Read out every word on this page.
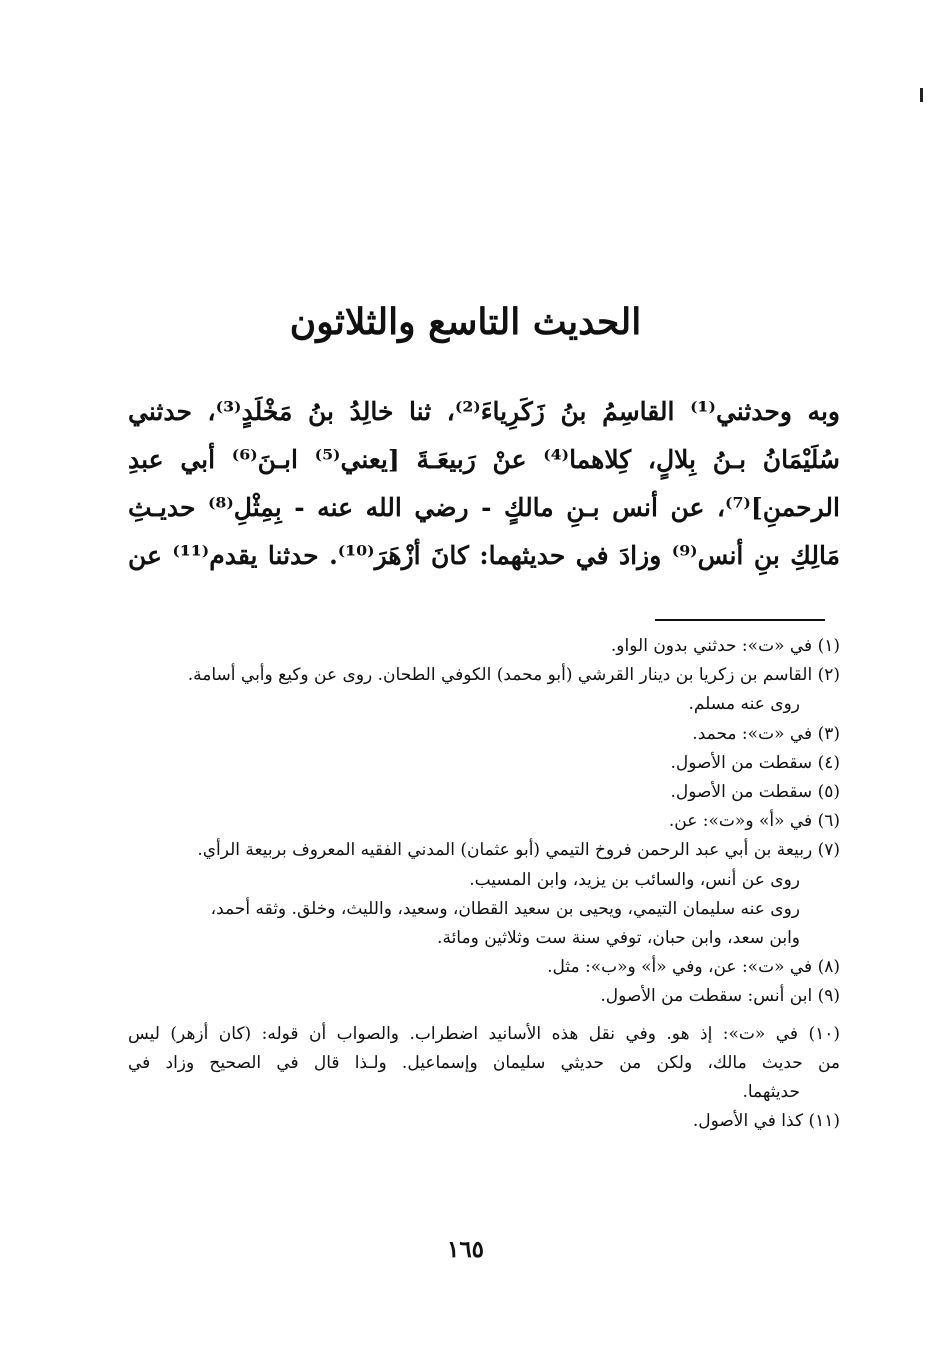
الحديث التاسع والثلاثون
وبه وحدثني⁽¹⁾ القاسِمُ بنُ زَكَرِياءَ⁽²⁾، ثنا خالِدُ بنُ مَخْلَدٍ⁽³⁾، حدثني
سُلَيْمَانُ بـنُ بِلالٍ، كِلاهما⁽⁴⁾ عنْ رَبيعَـةَ [يعني⁽⁵⁾ ابـنَ⁽⁶⁾ أبي عبدِ
الرحمنِ]⁽⁷⁾، عن أنس بـنِ مالكٍ - رضي الله عنه - بِمِثْلِ⁽⁸⁾ حديـثِ
مَالِكِ بنِ أنس⁽⁹⁾ وزادَ في حديثهما: كانَ أزْهَرَ⁽¹⁰⁾. حدثنا يقدم⁽¹¹⁾ عن
(١) في «ت»: حدثني بدون الواو.
(٢) القاسم بن زكريا بن دينار القرشي (أبو محمد) الكوفي الطحان. روى عن وكيع وأبي أسامة.
روى عنه مسلم.
(٣) في «ت»: محمد.
(٤) سقطت من الأصول.
(٥) سقطت من الأصول.
(٦) في «أ» و«ت»: عن.
(٧) ربيعة بن أبي عبد الرحمن فروخ التيمي (أبو عثمان) المدني الفقيه المعروف بربيعة الرأي.
روى عن أنس، والسائب بن يزيد، وابن المسيب.
روى عنه سليمان التيمي، ويحيى بن سعيد القطان، وسعيد، والليث، وخلق. وثقه أحمد،
وابن سعد، وابن حبان، توفي سنة ست وثلاثين ومائة.
(٨) في «ت»: عن، وفي «أ» و«ب»: مثل.
(٩) ابن أنس: سقطت من الأصول.
(١٠) في «ت»: إذ هو. وفي نقل هذه الأسانيد اضطراب. والصواب أن قوله: (كان أزهر) ليس
من حديث مالك، ولكن من حديثي سليمان وإسماعيل. ولـذا قال في الصحيح وزاد في
حديثهما.
(١١) كذا في الأصول.
١٦٥
